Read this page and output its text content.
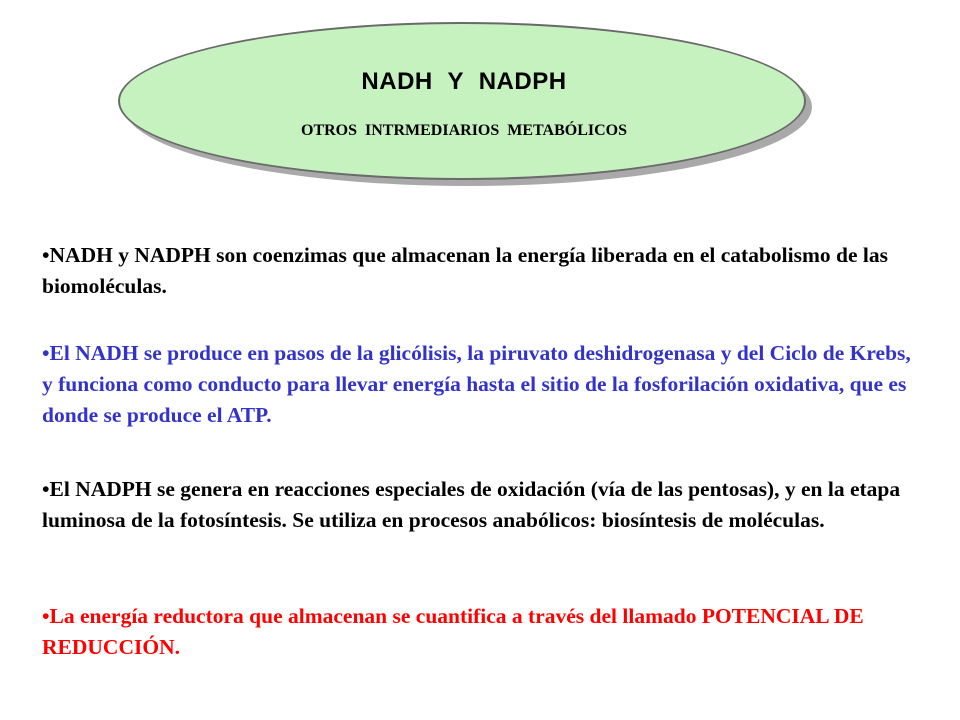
NADH Y NADPH
OTROS INTRMEDIARIOS METABÓLICOS

•NADH y NADPH son coenzimas que almacenan la energía liberada en el catabolismo de las biomoléculas.

•El NADH se produce en pasos de la glicólisis, la piruvato deshidrogenasa y del Ciclo de Krebs, y funciona como conducto para llevar energía hasta el sitio de la fosforilación oxidativa, que es donde se produce el ATP.

•El NADPH se genera en reacciones especiales de oxidación (vía de las pentosas), y en la etapa luminosa de la fotosíntesis. Se utiliza en procesos anabólicos: biosíntesis de moléculas.

•La energía reductora que almacenan se cuantifica a través del llamado POTENCIAL DE REDUCCIÓN.
